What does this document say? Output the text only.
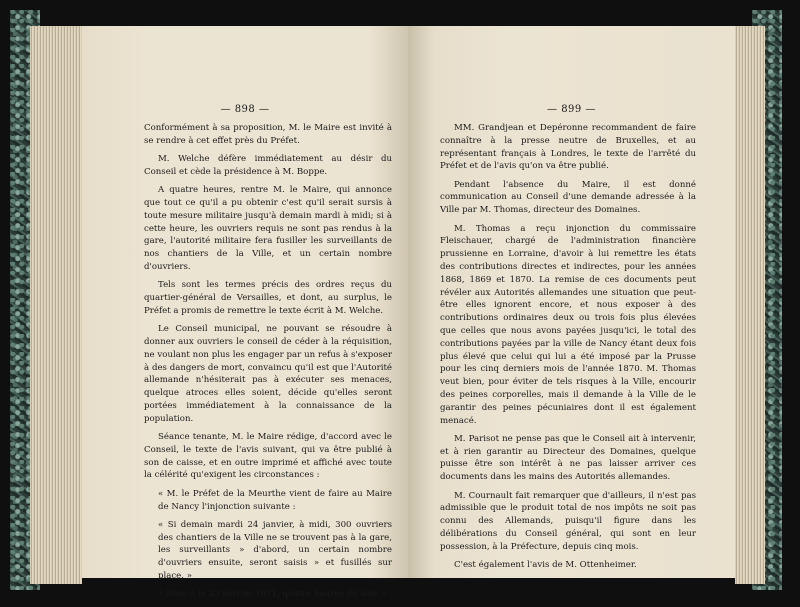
— 898 —

Conformément à sa proposition, M. le Maire est invité à se rendre à cet effet près du Préfet.

M. Welche défère immédiatement au désir du Conseil et cède la présidence à M. Boppe.

A quatre heures, rentre M. le Maire, qui annonce que tout ce qu'il a pu obtenir c'est qu'il serait sursis à toute mesure militaire jusqu'à demain mardi à midi; si à cette heure, les ouvriers requis ne sont pas rendus à la gare, l'autorité militaire fera fusiller les surveillants de nos chantiers de la Ville, et un certain nombre d'ouvriers.

Tels sont les termes précis des ordres reçus du quartier-général de Versailles, et dont, au surplus, le Préfet a promis de remettre le texte écrit à M. Welche.

Le Conseil municipal, ne pouvant se résoudre à donner aux ouvriers le conseil de céder à la réquisition, ne voulant non plus les engager par un refus à s'exposer à des dangers de mort, convaincu qu'il est que l'Autorité allemande n'hésiterait pas à exécuter ses menaces, quelque atroces elles soient, décide qu'elles seront portées immédiatement à la connaissance de la population.

Séance tenante, M. le Maire rédige, d'accord avec le Conseil, le texte de l'avis suivant, qui va être publié à son de caisse, et en outre imprimé et affiché avec toute la célérité qu'exigent les circonstances :

« M. le Préfet de la Meurthe vient de faire au Maire de Nancy l'injonction suivante :

« Si demain mardi 24 janvier, à midi, 300 ouvriers des chantiers de la Ville ne se trouvent pas à la gare, les surveillants » d'abord, un certain nombre d'ouvriers ensuite, seront saisis » et fusillés sur place. »

» Nancy, le 23 janvier 1871, quatre heures du soir. »

— 899 —

MM. Grandjean et Depéronne recommandent de faire connaître à la presse neutre de Bruxelles, et au représentant français à Londres, le texte de l'arrêté du Préfet et de l'avis qu'on va être publié.

Pendant l'absence du Maire, il est donné communication au Conseil d'une demande adressée à la Ville par M. Thomas, directeur des Domaines.

M. Thomas a reçu injonction du commissaire Fleischauer, chargé de l'administration financière prussienne en Lorraine, d'avoir à lui remettre les états des contributions directes et indirectes, pour les années 1868, 1869 et 1870. La remise de ces documents peut révéler aux Autorités allemandes une situation que peut-être elles ignorent encore, et nous exposer à des contributions ordinaires deux ou trois fois plus élevées que celles que nous avons payées jusqu'ici, le total des contributions payées par la ville de Nancy étant deux fois plus élevé que celui qui lui a été imposé par la Prusse pour les cinq derniers mois de l'année 1870. M. Thomas veut bien, pour éviter de tels risques à la Ville, encourir des peines corporelles, mais il demande à la Ville de le garantir des peines pécuniaires dont il est également menacé.

M. Parisot ne pense pas que le Conseil ait à intervenir, et à rien garantir au Directeur des Domaines, quelque puisse être son intérêt à ne pas laisser arriver ces documents dans les mains des Autorités allemandes.

M. Cournault fait remarquer que d'ailleurs, il n'est pas admissible que le produit total de nos impôts ne soit pas connu des Allemands, puisqu'il figure dans les délibérations du Conseil général, qui sont en leur possession, à la Préfecture, depuis cinq mois.

C'est également l'avis de M. Ottenheimer.
